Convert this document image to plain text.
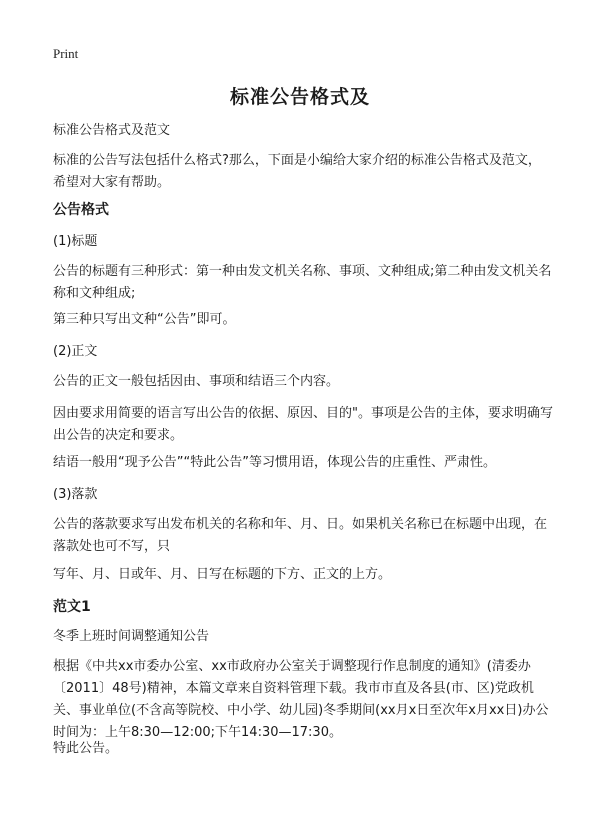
Print
标准公告格式及
标准公告格式及范文
标准的公告写法包括什么格式?那么，下面是小编给大家介绍的标准公告格式及范文，希望对大家有帮助。
公告格式
(1)标题
公告的标题有三种形式：第一种由发文机关名称、事项、文种组成;第二种由发文机关名称和文种组成;
第三种只写出文种“公告”即可。
(2)正文
公告的正文一般包括因由、事项和结语三个内容。
因由要求用简要的语言写出公告的依据、原因、目的"。事项是公告的主体，要求明确写出公告的决定和要求。
结语一般用“现予公告”“特此公告”等习惯用语，体现公告的庄重性、严肃性。
(3)落款
公告的落款要求写出发布机关的名称和年、月、日。如果机关名称已在标题中出现，在落款处也可不写，只
写年、月、日或年、月、日写在标题的下方、正文的上方。
范文1
冬季上班时间调整通知公告
根据《中共xx市委办公室、xx市政府办公室关于调整现行作息制度的通知》(清委办〔2011〕48号)精神，本篇文章来自资料管理下载。我市市直及各县(市、区)党政机关、事业单位(不含高等院校、中小学、幼儿园)冬季期间(xx月x日至次年x月xx日)办公时间为：上午8:30—12:00;下午14:30—17:30。
特此公告。
